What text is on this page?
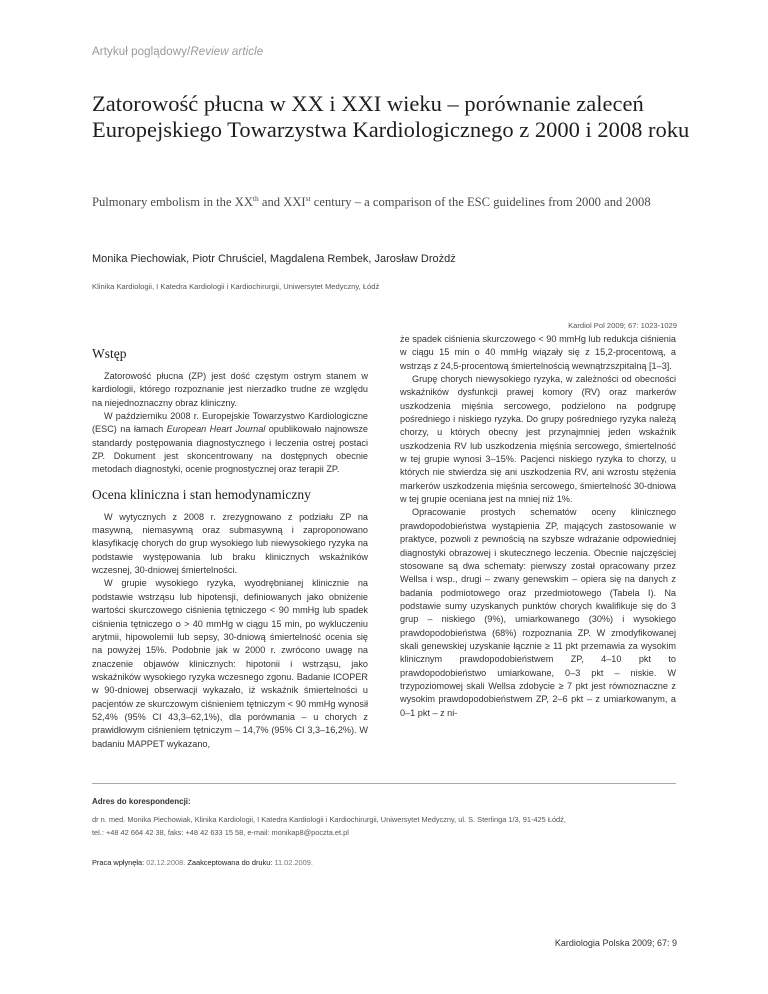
Artykuł poglądowy/Review article
Zatorowość płucna w XX i XXI wieku – porównanie zaleceń Europejskiego Towarzystwa Kardiologicznego z 2000 i 2008 roku

Pulmonary embolism in the XXth and XXIst century – a comparison of the ESC guidelines from 2000 and 2008

Monika Piechowiak, Piotr Chruściel, Magdalena Rembek, Jarosław Drożdż
Klinika Kardiologii, I Katedra Kardiologii i Kardiochirurgii, Uniwersytet Medyczny, Łódź
Kardiol Pol 2009; 67: 1023-1029
Wstęp

Zatorowość płucna (ZP) jest dość częstym ostrym stanem w kardiologii, którego rozpoznanie jest nierzadko trudne ze względu na niejednoznaczny obraz kliniczny.

W październiku 2008 r. Europejskie Towarzystwo Kardiologiczne (ESC) na łamach European Heart Journal opublikowało najnowsze standardy postępowania diagnostycznego i leczenia ostrej postaci ZP. Dokument jest skoncentrowany na dostępnych obecnie metodach diagnostyki, ocenie prognostycznej oraz terapii ZP.

Ocena kliniczna i stan hemodynamiczny

W wytycznych z 2008 r. zrezygnowano z podziału ZP na masywną, niemasywną oraz submasywną i zaproponowano klasyfikację chorych do grup wysokiego lub niewysokiego ryzyka na podstawie występowania lub braku klinicznych wskaźników wczesnej, 30-dniowej śmiertelności.

W grupie wysokiego ryzyka, wyodrębnianej klinicznie na podstawie wstrząsu lub hipotensji, definiowanych jako obniżenie wartości skurczowego ciśnienia tętniczego < 90 mmHg lub spadek ciśnienia tętniczego o > 40 mmHg w ciągu 15 min, po wykluczeniu arytmii, hipowolemii lub sepsy, 30-dniową śmiertelność ocenia się na powyżej 15%. Podobnie jak w 2000 r. zwrócono uwagę na znaczenie objawów klinicznych: hipotonii i wstrząsu, jako wskaźników wysokiego ryzyka wczesnego zgonu. Badanie ICOPER w 90-dniowej obserwacji wykazało, iż wskaźnik śmiertelności u pacjentów ze skurczowym ciśnieniem tętniczym < 90 mmHg wynosił 52,4% (95% CI 43,3–62,1%), dla porównania – u chorych z prawidłowym ciśnieniem tętniczym – 14,7% (95% CI 3,3–16,2%). W badaniu MAPPET wykazano,

że spadek ciśnienia skurczowego < 90 mmHg lub redukcja ciśnienia w ciągu 15 min o 40 mmHg wiązały się z 15,2-procentową, a wstrząs z 24,5-procentową śmiertelnością wewnątrzszpitalną [1–3].

Grupę chorych niewysokiego ryzyka, w zależności od obecności wskaźników dysfunkcji prawej komory (RV) oraz markerów uszkodzenia mięśnia sercowego, podzielono na podgrupę pośredniego i niskiego ryzyka. Do grupy pośredniego ryzyka należą chorzy, u których obecny jest przynajmniej jeden wskaźnik uszkodzenia RV lub uszkodzenia mięśnia sercowego, śmiertelność w tej grupie wynosi 3–15%. Pacjenci niskiego ryzyka to chorzy, u których nie stwierdza się ani uszkodzenia RV, ani wzrostu stężenia markerów uszkodzenia mięśnia sercowego, śmiertelność 30-dniowa w tej grupie oceniana jest na mniej niż 1%.

Opracowanie prostych schematów oceny klinicznego prawdopodobieństwa wystąpienia ZP, mających zastosowanie w praktyce, pozwoli z pewnością na szybsze wdrażanie odpowiedniej diagnostyki obrazowej i skutecznego leczenia. Obecnie najczęściej stosowane są dwa schematy: pierwszy został opracowany przez Wellsa i wsp., drugi – zwany genewskim – opiera się na danych z badania podmiotowego oraz przedmiotowego (Tabela I). Na podstawie sumy uzyskanych punktów chorych kwalifikuje się do 3 grup – niskiego (9%), umiarkowanego (30%) i wysokiego prawdopodobieństwa (68%) rozpoznania ZP. W zmodyfikowanej skali genewskiej uzyskanie łącznie ≥ 11 pkt przemawia za wysokim klinicznym prawdopodobieństwem ZP, 4–10 pkt to prawdopodobieństwo umiarkowane, 0–3 pkt – niskie. W trzypoziomowej skali Wellsa zdobycie ≥ 7 pkt jest równoznaczne z wysokim prawdopodobieństwem ZP, 2–6 pkt – z umiarkowanym, a 0–1 pkt – z ni-

Adres do korespondencji:
dr n. med. Monika Piechowiak, Klinika Kardiologii, I Katedra Kardiologii i Kardiochirurgii, Uniwersytet Medyczny, ul. S. Sterlinga 1/3, 91-425 Łódź,
tel.: +48 42 664 42 38, faks: +48 42 633 15 58, e-mail: monikap8@poczta.et.pl
Praca wpłynęła: 02.12.2008. Zaakceptowana do druku: 11.02.2009.
Kardiologia Polska 2009; 67: 9
